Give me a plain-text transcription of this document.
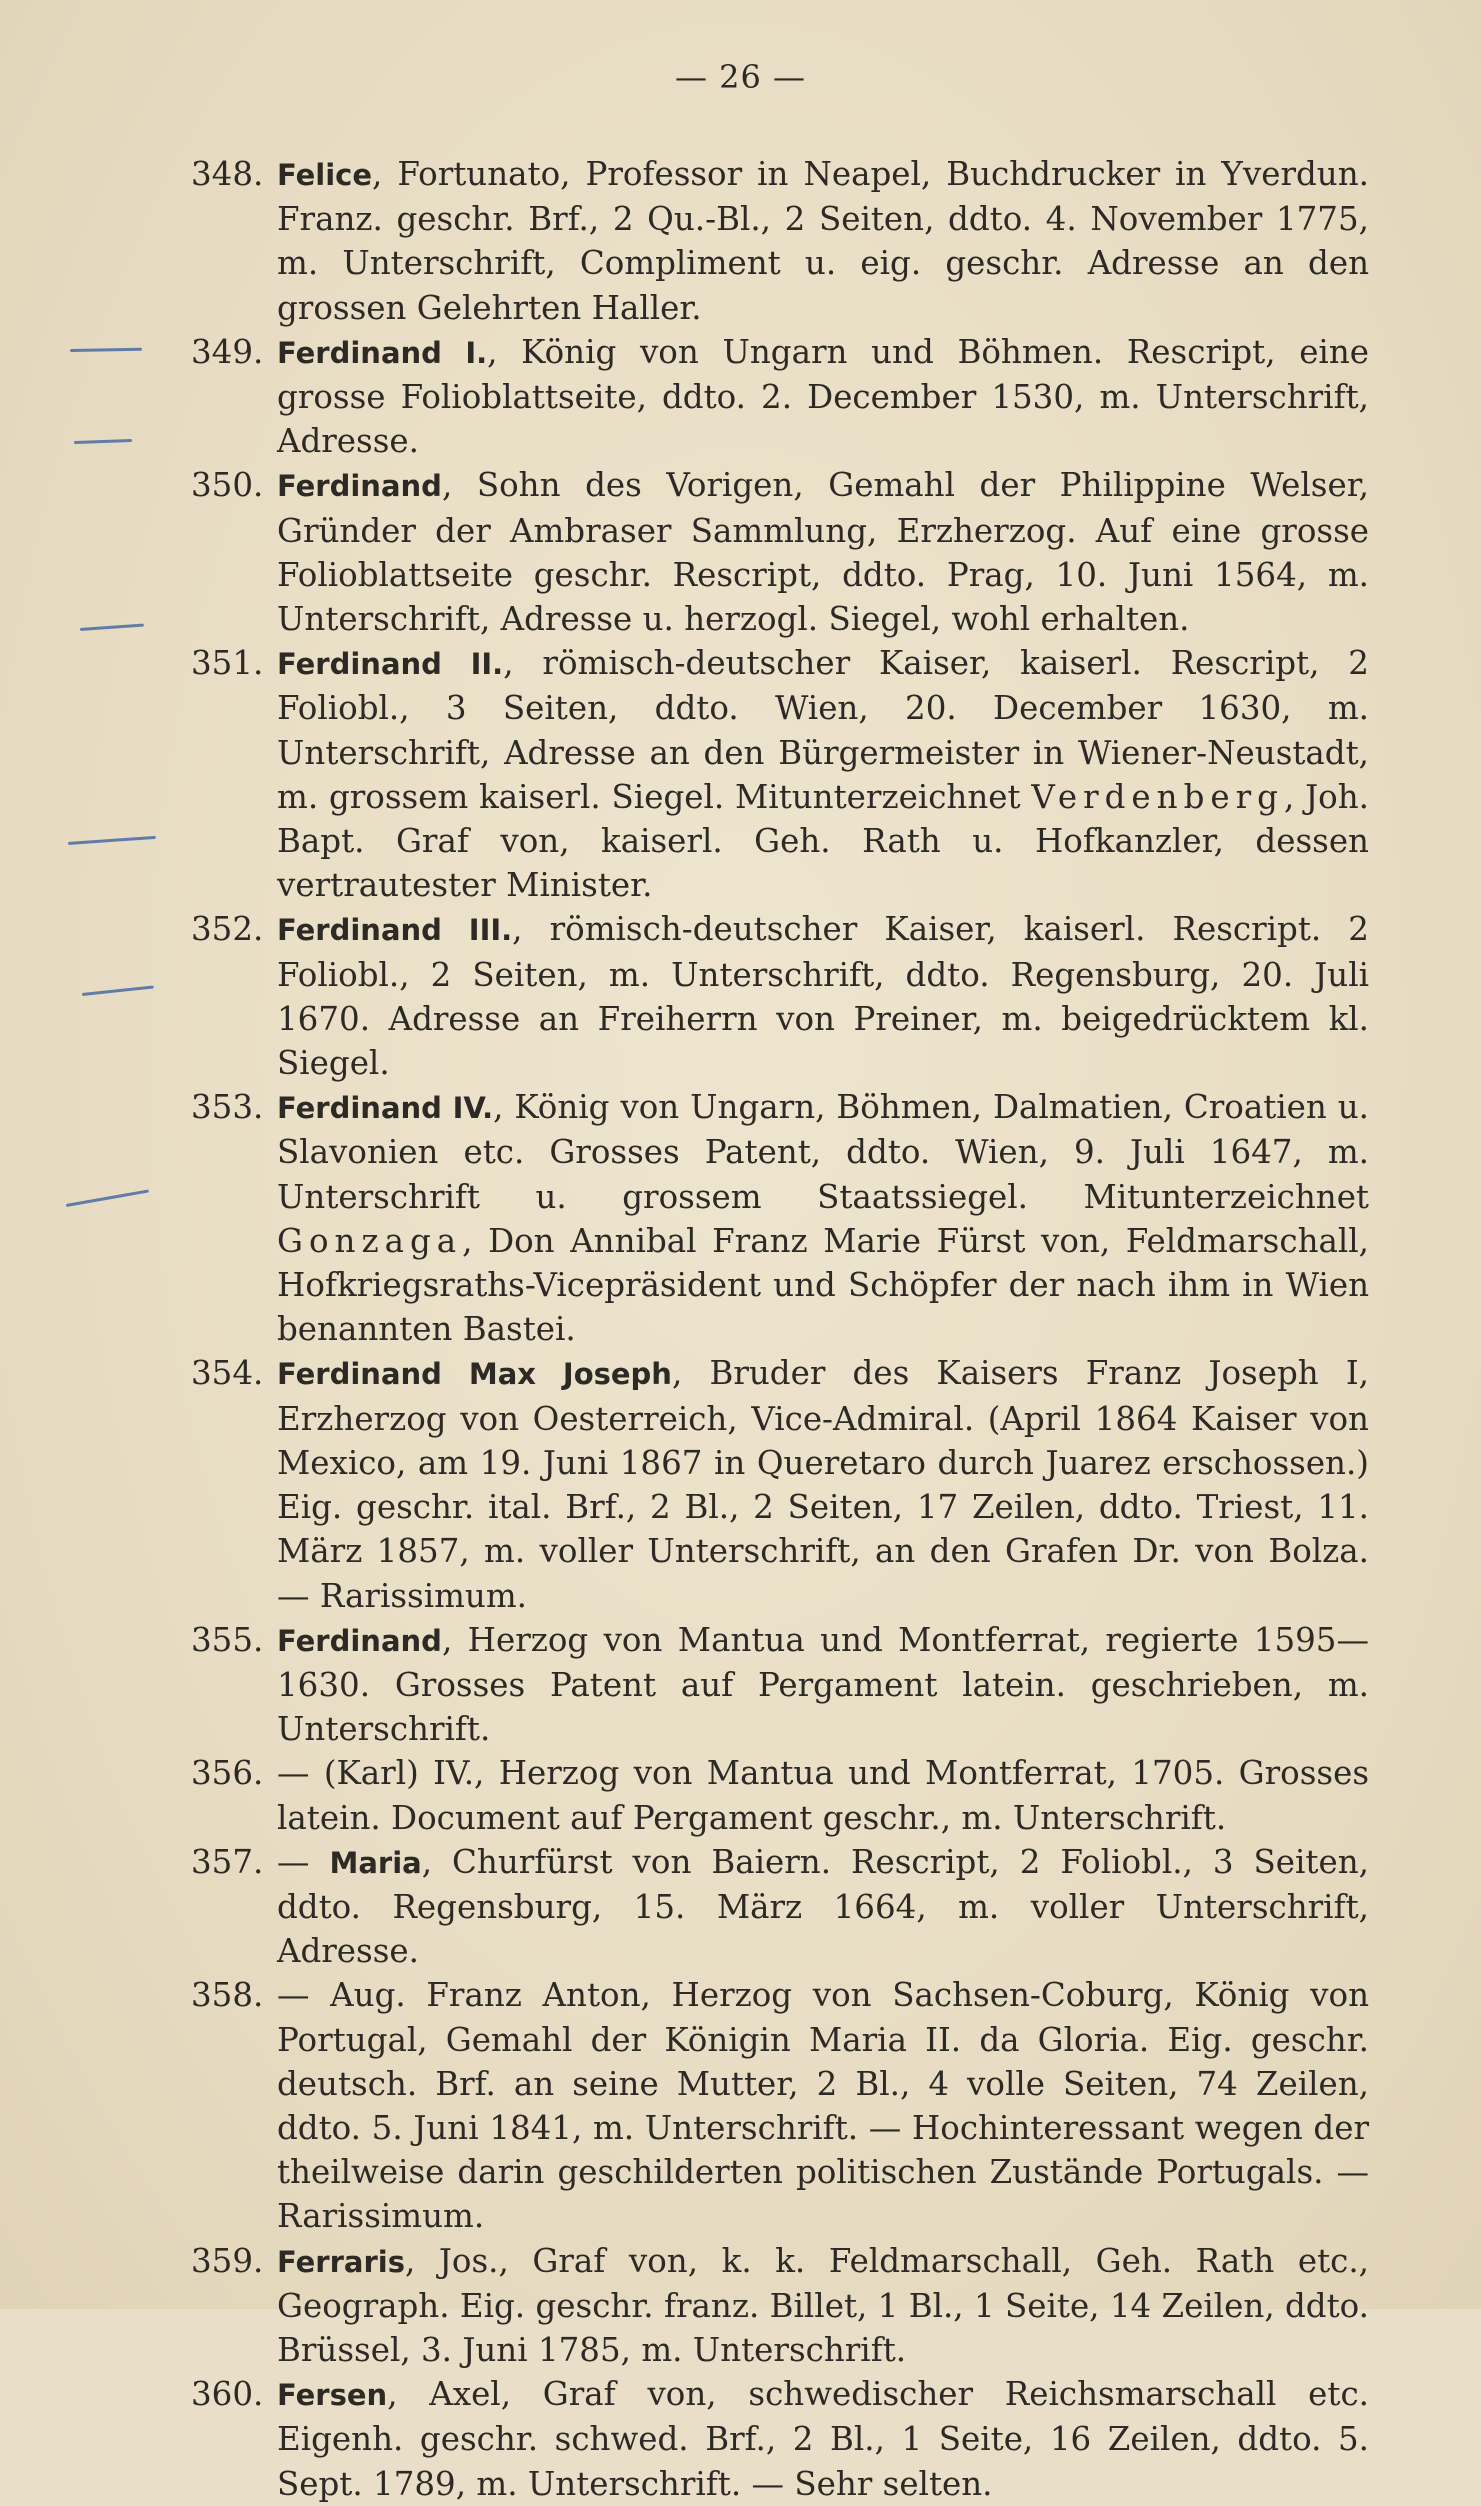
— 26 —
348. Felice, Fortunato, Professor in Neapel, Buchdrucker in Yverdun. Franz. geschr. Brf., 2 Qu.-Bl., 2 Seiten, ddto. 4. November 1775, m. Unterschrift, Compliment u. eig. geschr. Adresse an den grossen Gelehrten Haller.
349. Ferdinand I., König von Ungarn und Böhmen. Rescript, eine grosse Folioblattseite, ddto. 2. December 1530, m. Unterschrift, Adresse.
350. Ferdinand, Sohn des Vorigen, Gemahl der Philippine Welser, Gründer der Ambraser Sammlung, Erzherzog. Auf eine grosse Folioblattseite geschr. Rescript, ddto. Prag, 10. Juni 1564, m. Unterschrift, Adresse u. herzogl. Siegel, wohl erhalten.
351. Ferdinand II., römisch-deutscher Kaiser, kaiserl. Rescript, 2 Foliobl., 3 Seiten, ddto. Wien, 20. December 1630, m. Unterschrift, Adresse an den Bürgermeister in Wiener-Neustadt, m. grossem kaiserl. Siegel. Mitunterzeichnet Verdenberg, Joh. Bapt. Graf von, kaiserl. Geh. Rath u. Hofkanzler, dessen vertrautester Minister.
352. Ferdinand III., römisch-deutscher Kaiser, kaiserl. Rescript. 2 Foliobl., 2 Seiten, m. Unterschrift, ddto. Regensburg, 20. Juli 1670. Adresse an Freiherrn von Preiner, m. beigedrücktem kl. Siegel.
353. Ferdinand IV., König von Ungarn, Böhmen, Dalmatien, Croatien u. Slavonien etc. Grosses Patent, ddto. Wien, 9. Juli 1647, m. Unterschrift u. grossem Staatssiegel. Mitunterzeichnet Gonzaga, Don Annibal Franz Marie Fürst von, Feldmarschall, Hofkriegsraths-Vicepräsident und Schöpfer der nach ihm in Wien benannten Bastei.
354. Ferdinand Max Joseph, Bruder des Kaisers Franz Joseph I, Erzherzog von Oesterreich, Vice-Admiral. (April 1864 Kaiser von Mexico, am 19. Juni 1867 in Queretaro durch Juarez erschossen.) Eig. geschr. ital. Brf., 2 Bl., 2 Seiten, 17 Zeilen, ddto. Triest, 11. März 1857, m. voller Unterschrift, an den Grafen Dr. von Bolza. — Rarissimum.
355. Ferdinand, Herzog von Mantua und Montferrat, regierte 1595—1630. Grosses Patent auf Pergament latein. geschrieben, m. Unterschrift.
356. — (Karl) IV., Herzog von Mantua und Montferrat, 1705. Grosses latein. Document auf Pergament geschr., m. Unterschrift.
357. — Maria, Churfürst von Baiern. Rescript, 2 Foliobl., 3 Seiten, ddto. Regensburg, 15. März 1664, m. voller Unterschrift, Adresse.
358. — Aug. Franz Anton, Herzog von Sachsen-Coburg, König von Portugal, Gemahl der Königin Maria II. da Gloria. Eig. geschr. deutsch. Brf. an seine Mutter, 2 Bl., 4 volle Seiten, 74 Zeilen, ddto. 5. Juni 1841, m. Unterschrift. — Hochinteressant wegen der theilweise darin geschilderten politischen Zustände Portugals. — Rarissimum.
359. Ferraris, Jos., Graf von, k. k. Feldmarschall, Geh. Rath etc., Geograph. Eig. geschr. franz. Billet, 1 Bl., 1 Seite, 14 Zeilen, ddto. Brüssel, 3. Juni 1785, m. Unterschrift.
360. Fersen, Axel, Graf von, schwedischer Reichsmarschall etc. Eigenh. geschr. schwed. Brf., 2 Bl., 1 Seite, 16 Zeilen, ddto. 5. Sept. 1789, m. Unterschrift. — Sehr selten.
